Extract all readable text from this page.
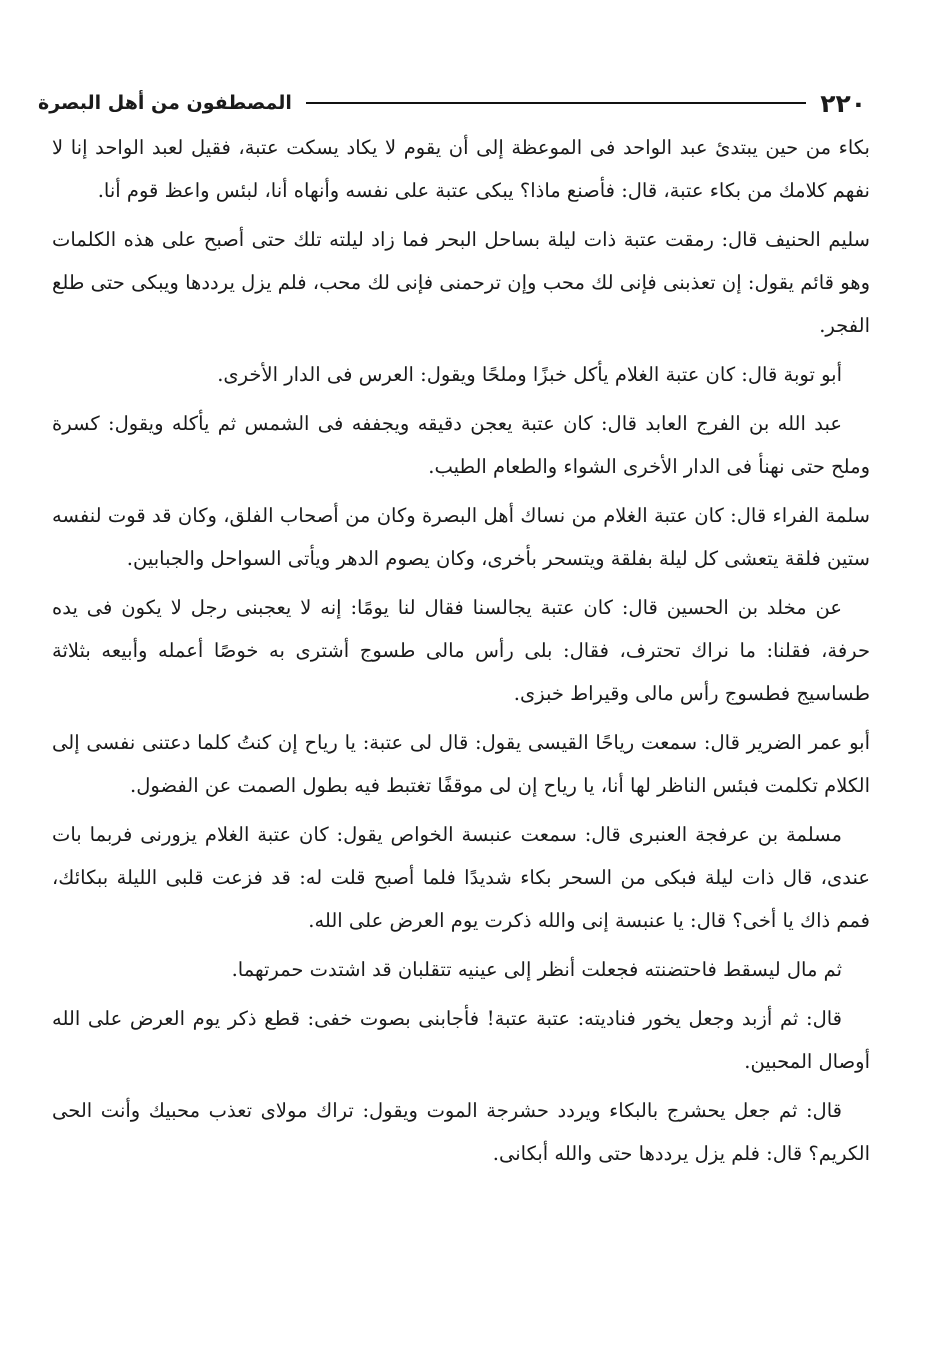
٢٢٠
المصطفون من أهل البصرة

بكاء من حين يبتدئ عبد الواحد فى الموعظة إلى أن يقوم لا يكاد يسكت عتبة، فقيل لعبد الواحد إنا لا نفهم كلامك من بكاء عتبة، قال: فأصنع ماذا؟ يبكى عتبة على نفسه وأنهاه أنا، لبئس واعظ قوم أنا.

سليم الحنيف قال: رمقت عتبة ذات ليلة بساحل البحر فما زاد ليلته تلك حتى أصبح على هذه الكلمات وهو قائم يقول: إن تعذبنى فإنى لك محب وإن ترحمنى فإنى لك محب، فلم يزل يرددها ويبكى حتى طلع الفجر.

أبو توبة قال: كان عتبة الغلام يأكل خبزًا وملحًا ويقول: العرس فى الدار الأخرى.

عبد الله بن الفرج العابد قال: كان عتبة يعجن دقيقه ويجففه فى الشمس ثم يأكله ويقول: كسرة وملح حتى نهنأ فى الدار الأخرى الشواء والطعام الطيب.

سلمة الفراء قال: كان عتبة الغلام من نساك أهل البصرة وكان من أصحاب الفلق، وكان قد قوت لنفسه ستين فلقة يتعشى كل ليلة بفلقة ويتسحر بأخرى، وكان يصوم الدهر ويأتى السواحل والجبابين.

عن مخلد بن الحسين قال: كان عتبة يجالسنا فقال لنا يومًا: إنه لا يعجبنى رجل لا يكون فى يده حرفة، فقلنا: ما نراك تحترف، فقال: بلى رأس مالى طسوج أشترى به خوصًا أعمله وأبيعه بثلاثة طساسيج فطسوج رأس مالى وقيراط خبزى.

أبو عمر الضرير قال: سمعت رياحًا القيسى يقول: قال لى عتبة: يا رياح إن كنتُ كلما دعتنى نفسى إلى الكلام تكلمت فبئس الناظر لها أنا، يا رياح إن لى موقفًا تغتبط فيه بطول الصمت عن الفضول.

مسلمة بن عرفجة العنبرى قال: سمعت عنبسة الخواص يقول: كان عتبة الغلام يزورنى فربما بات عندى، قال ذات ليلة فبكى من السحر بكاء شديدًا فلما أصبح قلت له: قد فزعت قلبى الليلة ببكائك، فمم ذاك يا أخى؟ قال: يا عنبسة إنى والله ذكرت يوم العرض على الله.

ثم مال ليسقط فاحتضنته فجعلت أنظر إلى عينيه تتقلبان قد اشتدت حمرتهما.

قال: ثم أزبد وجعل يخور فناديته: عتبة عتبة! فأجابنى بصوت خفى: قطع ذكر يوم العرض على الله أوصال المحبين.

قال: ثم جعل يحشرج بالبكاء ويردد حشرجة الموت ويقول: تراك مولاى تعذب محبيك وأنت الحى الكريم؟ قال: فلم يزل يرددها حتى والله أبكانى.
